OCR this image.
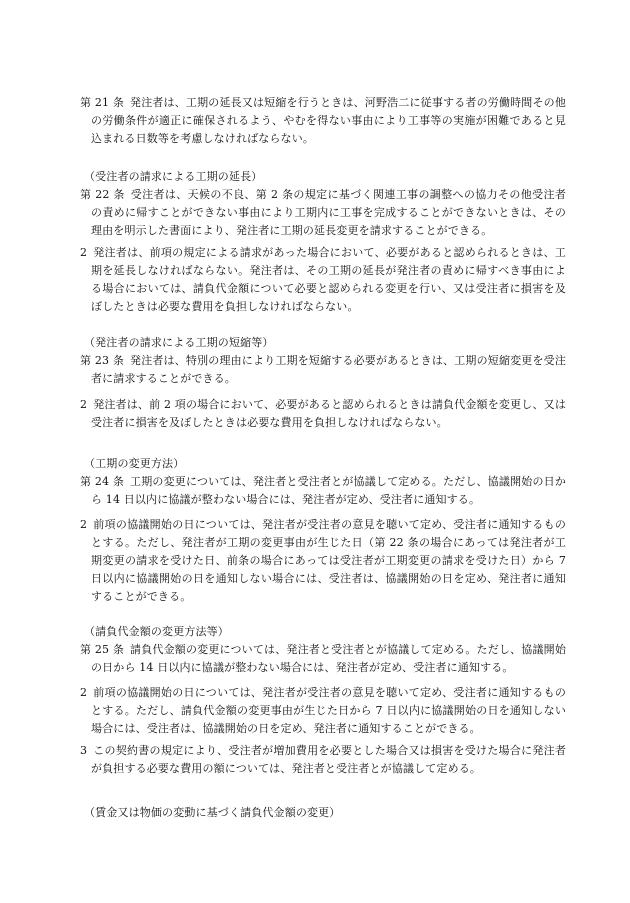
第 21 条 発注者は、工期の延長又は短縮を行うときは、河野浩二に従事する者の労働時間その他の労働条件が適正に確保されるよう、やむを得ない事由により工事等の実施が困難であると見込まれる日数等を考慮しなければならない。
（受注者の請求による工期の延長）
第 22 条 受注者は、天候の不良、第 2 条の規定に基づく関連工事の調整への協力その他受注者の責めに帰すことができない事由により工期内に工事を完成することができないときは、その理由を明示した書面により、発注者に工期の延長変更を請求することができる。
2 発注者は、前項の規定による請求があった場合において、必要があると認められるときは、工期を延長しなければならない。発注者は、その工期の延長が発注者の責めに帰すべき事由による場合においては、請負代金額について必要と認められる変更を行い、又は受注者に損害を及ぼしたときは必要な費用を負担しなければならない。
（発注者の請求による工期の短縮等）
第 23 条 発注者は、特別の理由により工期を短縮する必要があるときは、工期の短縮変更を受注者に請求することができる。
2 発注者は、前 2 項の場合において、必要があると認められるときは請負代金額を変更し、又は受注者に損害を及ぼしたときは必要な費用を負担しなければならない。
（工期の変更方法）
第 24 条 工期の変更については、発注者と受注者とが協議して定める。ただし、協議開始の日から 14 日以内に協議が整わない場合には、発注者が定め、受注者に通知する。
2 前項の協議開始の日については、発注者が受注者の意見を聴いて定め、受注者に通知するものとする。ただし、発注者が工期の変更事由が生じた日（第 22 条の場合にあっては発注者が工期変更の請求を受けた日、前条の場合にあっては受注者が工期変更の請求を受けた日）から 7 日以内に協議開始の日を通知しない場合には、受注者は、協議開始の日を定め、発注者に通知することができる。
（請負代金額の変更方法等）
第 25 条 請負代金額の変更については、発注者と受注者とが協議して定める。ただし、協議開始の日から 14 日以内に協議が整わない場合には、発注者が定め、受注者に通知する。
2 前項の協議開始の日については、発注者が受注者の意見を聴いて定め、受注者に通知するものとする。ただし、請負代金額の変更事由が生じた日から 7 日以内に協議開始の日を通知しない場合には、受注者は、協議開始の日を定め、発注者に通知することができる。
3 この契約書の規定により、受注者が増加費用を必要とした場合又は損害を受けた場合に発注者が負担する必要な費用の額については、発注者と受注者とが協議して定める。
（賃金又は物価の変動に基づく請負代金額の変更）
